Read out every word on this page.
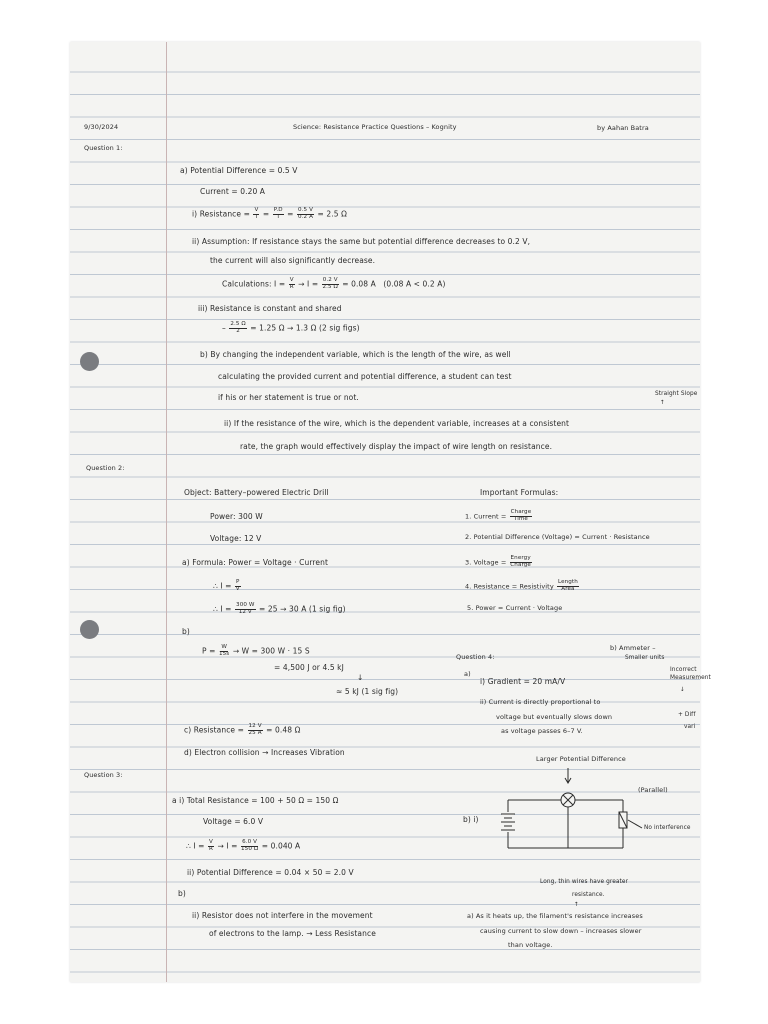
9/30/2024	Science: Resistance Practice Questions – Kognity	by Aahan Batra
Question 1:
a) Potential Difference = 0.5 V
Current = 0.20 A
i) Resistance = $\frac{V}{I} = \frac{P.D}{I} = \frac{0.5 V}{0.2 A} = 2.5$ Ω
ii) Assumption: If resistance stays the same but potential difference decreases to 0.2 V,
the current will also significantly decrease.
Calculations: $I = \frac{V}{R} \to I = \frac{0.2 V}{2.5 \Omega} = 0.08$ A (0.08 A < 0.2 A)
iii) Resistance is constant and shared
– $\frac{2.5 \Omega}{2} = 1.25$ Ω → 1.3 Ω (2 sig figs)
b) By changing the independent variable, which is the length of the wire, as well
calculating the provided current and potential difference, a student can test
if his or her statement is true or not.	Straight Slope
↑
ii) If the resistance of the wire, which is the dependent variable, increases at a consistent
rate, the graph would effectively display the impact of wire length on resistance.
Question 2:
Object: Battery–powered Electric Drill
Power: 300 W
Voltage: 12 V
a) Formula: Power = Voltage · Current
∴ $I = \frac{P}{V}$
∴ $I = \frac{300 W}{12 V} = 25 \to 30$ A (1 sig fig)
b)
$P = \frac{W}{15s} \to W = 300$ W · 15 S
= 4,500 J or 4.5 kJ
↓
≈ 5 kJ (1 sig fig)
c) Resistance = $\frac{12 V}{25 A} = 0.48$ Ω
d) Electron collision → Increases Vibration
Important Formulas:
1. Current =
Charge
Time
2. Potential Difference (Voltage) = Current · Resistance
3. Voltage =
Energy
Charge
4. Resistance = Resistivity
Length
Area
5. Power = Current · Voltage
Question 4:
b) Ammeter –
Smaller units
Incorrect
Measurement
↓
+ Diff
vari
a)
i) Gradient = 20 mA/V
ii) Current is directly proportional to
voltage but eventually slows down
as voltage passes 6–7 V.
Larger Potential Difference
(Parallel)
b) i)
No interference
Long, thin wires have greater
resistance.
↑
a) As it heats up, the filament's resistance increases
causing current to slow down – increases slower
than voltage.
Question 3:
a i) Total Resistance = 100 + 50 Ω = 150 Ω
Voltage = 6.0 V
∴ $I = \frac{V}{R} \to I = \frac{6.0 V}{150 \Omega} = 0.040$ A
ii) Potential Difference = 0.04 × 50 = 2.0 V
b)
ii) Resistor does not interfere in the movement
of electrons to the lamp. → Less Resistance
